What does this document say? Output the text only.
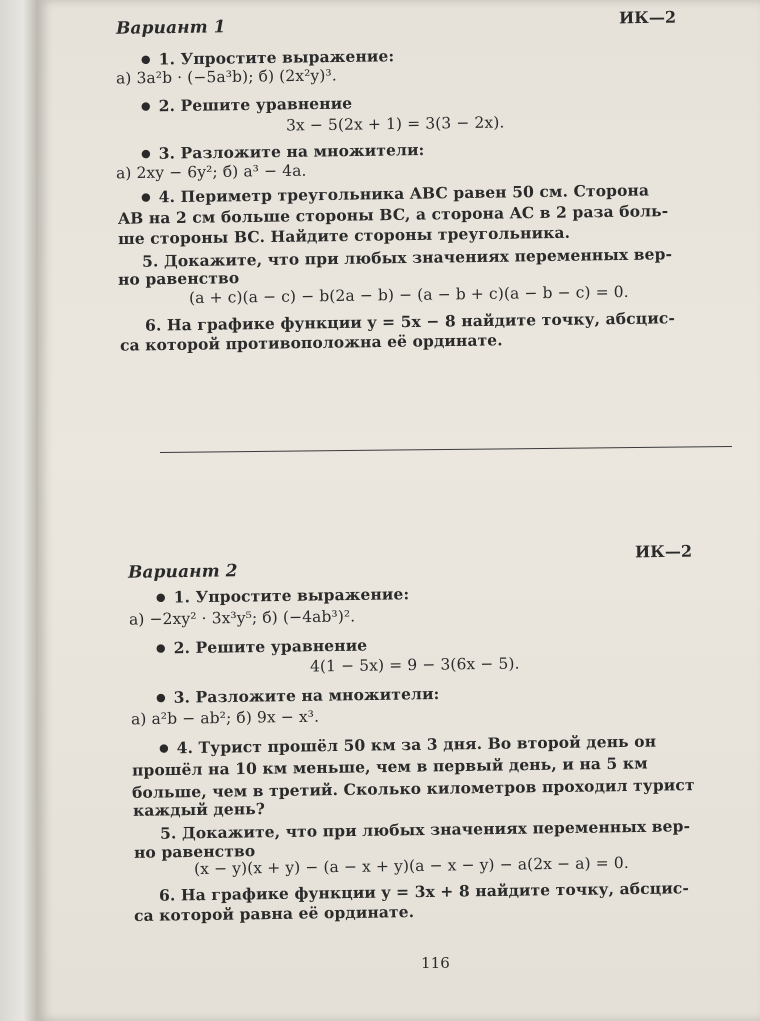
ИК—2
Вариант 1
● 1. Упростите выражение:
а) 3a²b · (−5a³b); б) (2x²y)³.
● 2. Решите уравнение
3x − 5(2x + 1) = 3(3 − 2x).
● 3. Разложите на множители:
а) 2xy − 6y²; б) a³ − 4a.
● 4. Периметр треугольника ABC равен 50 см. Сторона
AB на 2 см больше стороны BC, а сторона AC в 2 раза боль-
ше стороны BC. Найдите стороны треугольника.
5. Докажите, что при любых значениях переменных вер-
но равенство
(a + c)(a − c) − b(2a − b) − (a − b + c)(a − b − c) = 0.
6. На графике функции y = 5x − 8 найдите точку, абсцис-
са которой противоположна её ординате.
ИК—2
Вариант 2
● 1. Упростите выражение:
а) −2xy² · 3x³y⁵; б) (−4ab³)².
● 2. Решите уравнение
4(1 − 5x) = 9 − 3(6x − 5).
● 3. Разложите на множители:
а) a²b − ab²; б) 9x − x³.
● 4. Турист прошёл 50 км за 3 дня. Во второй день он
прошёл на 10 км меньше, чем в первый день, и на 5 км
больше, чем в третий. Сколько километров проходил турист
каждый день?
5. Докажите, что при любых значениях переменных вер-
но равенство
(x − y)(x + y) − (a − x + y)(a − x − y) − a(2x − a) = 0.
6. На графике функции y = 3x + 8 найдите точку, абсцис-
са которой равна её ординате.
116
